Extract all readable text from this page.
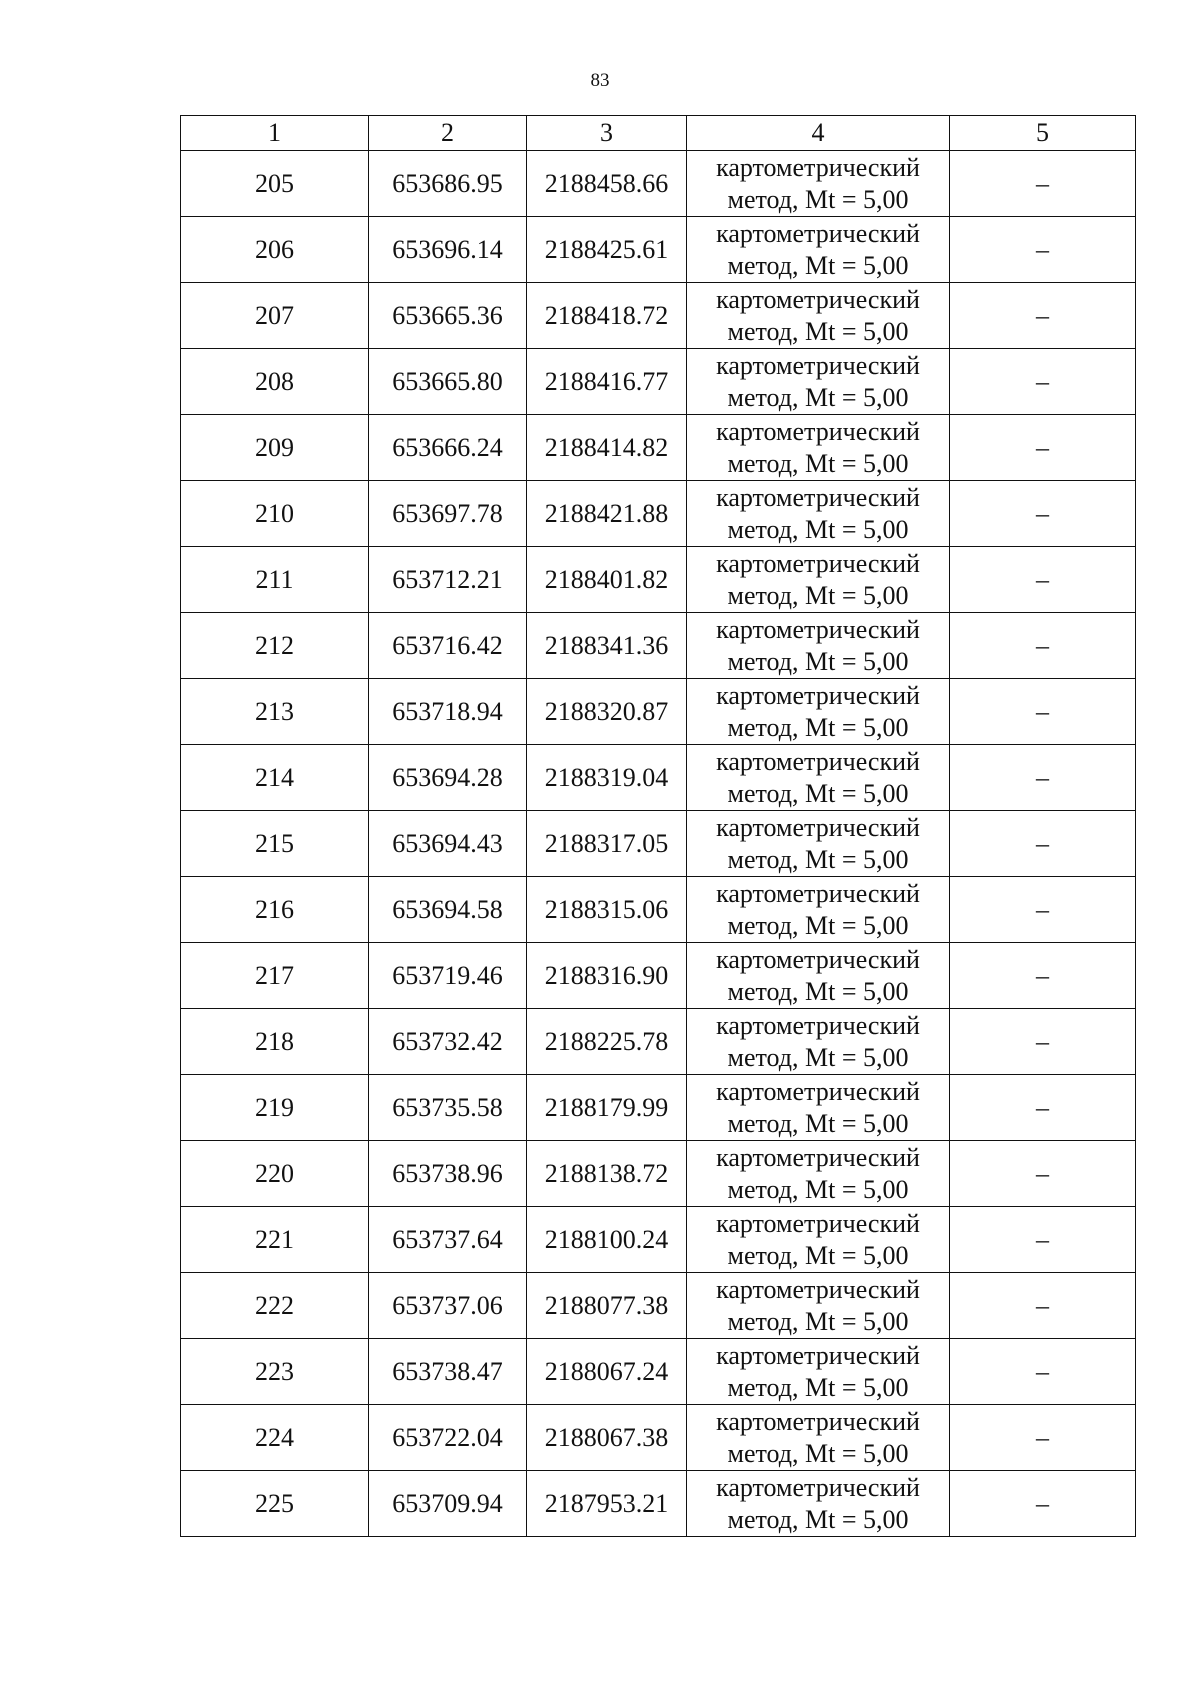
83
1	2	3	4	5
205	653686.95	2188458.66	картометрический
метод, Mt = 5,00	–
206	653696.14	2188425.61	картометрический
метод, Mt = 5,00	–
207	653665.36	2188418.72	картометрический
метод, Mt = 5,00	–
208	653665.80	2188416.77	картометрический
метод, Mt = 5,00	–
209	653666.24	2188414.82	картометрический
метод, Mt = 5,00	–
210	653697.78	2188421.88	картометрический
метод, Mt = 5,00	–
211	653712.21	2188401.82	картометрический
метод, Mt = 5,00	–
212	653716.42	2188341.36	картометрический
метод, Mt = 5,00	–
213	653718.94	2188320.87	картометрический
метод, Mt = 5,00	–
214	653694.28	2188319.04	картометрический
метод, Mt = 5,00	–
215	653694.43	2188317.05	картометрический
метод, Mt = 5,00	–
216	653694.58	2188315.06	картометрический
метод, Mt = 5,00	–
217	653719.46	2188316.90	картометрический
метод, Mt = 5,00	–
218	653732.42	2188225.78	картометрический
метод, Mt = 5,00	–
219	653735.58	2188179.99	картометрический
метод, Mt = 5,00	–
220	653738.96	2188138.72	картометрический
метод, Mt = 5,00	–
221	653737.64	2188100.24	картометрический
метод, Mt = 5,00	–
222	653737.06	2188077.38	картометрический
метод, Mt = 5,00	–
223	653738.47	2188067.24	картометрический
метод, Mt = 5,00	–
224	653722.04	2188067.38	картометрический
метод, Mt = 5,00	–
225	653709.94	2187953.21	картометрический
метод, Mt = 5,00	–
